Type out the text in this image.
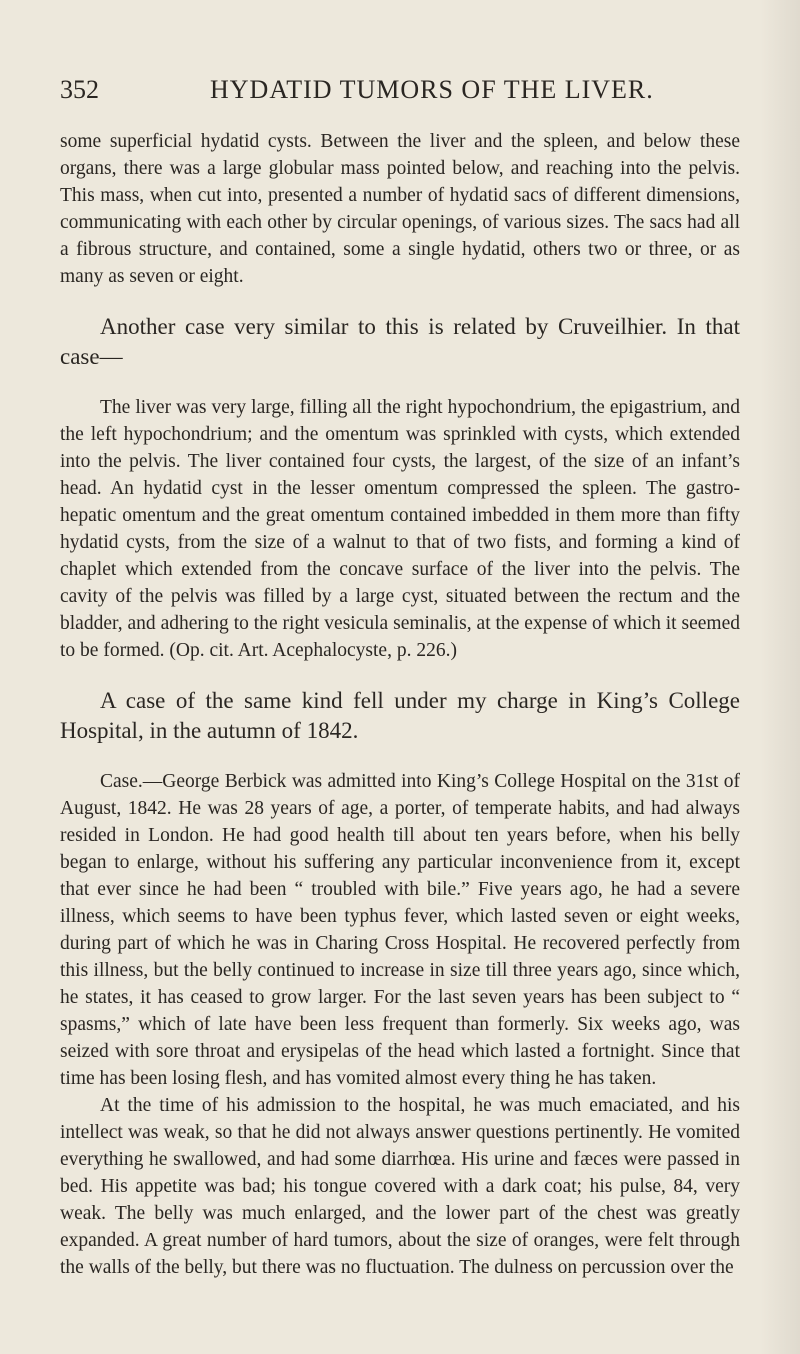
352	HYDATID TUMORS OF THE LIVER.

some superficial hydatid cysts. Between the liver and the spleen, and below these organs, there was a large globular mass pointed below, and reaching into the pelvis. This mass, when cut into, presented a number of hydatid sacs of different dimensions, communicating with each other by circular openings, of various sizes. The sacs had all a fibrous structure, and contained, some a single hydatid, others two or three, or as many as seven or eight.

Another case very similar to this is related by Cruveilhier. In that case—

The liver was very large, filling all the right hypochondrium, the epigastrium, and the left hypochondrium; and the omentum was sprinkled with cysts, which extended into the pelvis. The liver contained four cysts, the largest, of the size of an infant’s head. An hydatid cyst in the lesser omentum compressed the spleen. The gastro-hepatic omentum and the great omentum contained imbedded in them more than fifty hydatid cysts, from the size of a walnut to that of two fists, and forming a kind of chaplet which extended from the concave surface of the liver into the pelvis. The cavity of the pelvis was filled by a large cyst, situated between the rectum and the bladder, and adhering to the right vesicula seminalis, at the expense of which it seemed to be formed. (Op. cit. Art. Acephalocyste, p. 226.)

A case of the same kind fell under my charge in King’s College Hospital, in the autumn of 1842.

Case.—George Berbick was admitted into King’s College Hospital on the 31st of August, 1842. He was 28 years of age, a porter, of temperate habits, and had always resided in London. He had good health till about ten years before, when his belly began to enlarge, without his suffering any particular inconvenience from it, except that ever since he had been “ troubled with bile.” Five years ago, he had a severe illness, which seems to have been typhus fever, which lasted seven or eight weeks, during part of which he was in Charing Cross Hospital. He recovered perfectly from this illness, but the belly continued to increase in size till three years ago, since which, he states, it has ceased to grow larger. For the last seven years has been subject to “ spasms,” which of late have been less frequent than formerly. Six weeks ago, was seized with sore throat and erysipelas of the head which lasted a fortnight. Since that time has been losing flesh, and has vomited almost every thing he has taken.

At the time of his admission to the hospital, he was much emaciated, and his intellect was weak, so that he did not always answer questions pertinently. He vomited everything he swallowed, and had some diarrhœa. His urine and fæces were passed in bed. His appetite was bad; his tongue covered with a dark coat; his pulse, 84, very weak. The belly was much enlarged, and the lower part of the chest was greatly expanded. A great number of hard tumors, about the size of oranges, were felt through the walls of the belly, but there was no fluctuation. The dulness on percussion over the
